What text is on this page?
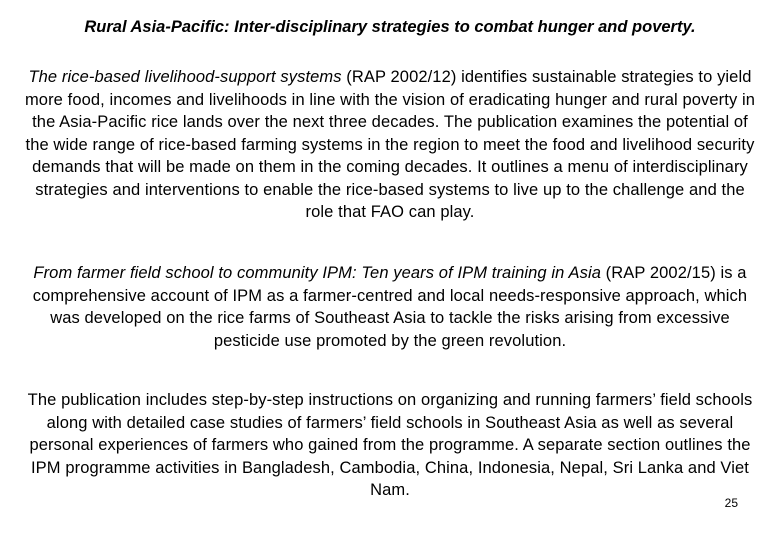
Rural Asia-Pacific: Inter-disciplinary strategies to combat hunger and poverty.

The rice-based livelihood-support systems (RAP 2002/12) identifies sustainable strategies to yield more food, incomes and livelihoods in line with the vision of eradicating hunger and rural poverty in the Asia-Pacific rice lands over the next three decades. The publication examines the potential of the wide range of rice-based farming systems in the region to meet the food and livelihood security demands that will be made on them in the coming decades. It outlines a menu of interdisciplinary strategies and interventions to enable the rice-based systems to live up to the challenge and the role that FAO can play.

From farmer field school to community IPM: Ten years of IPM training in Asia (RAP 2002/15) is a comprehensive account of IPM as a farmer-centred and local needs-responsive approach, which was developed on the rice farms of Southeast Asia to tackle the risks arising from excessive pesticide use promoted by the green revolution.

The publication includes step-by-step instructions on organizing and running farmers’ field schools along with detailed case studies of farmers’ field schools in Southeast Asia as well as several personal experiences of farmers who gained from the programme. A separate section outlines the IPM programme activities in Bangladesh, Cambodia, China, Indonesia, Nepal, Sri Lanka and Viet Nam.

25
